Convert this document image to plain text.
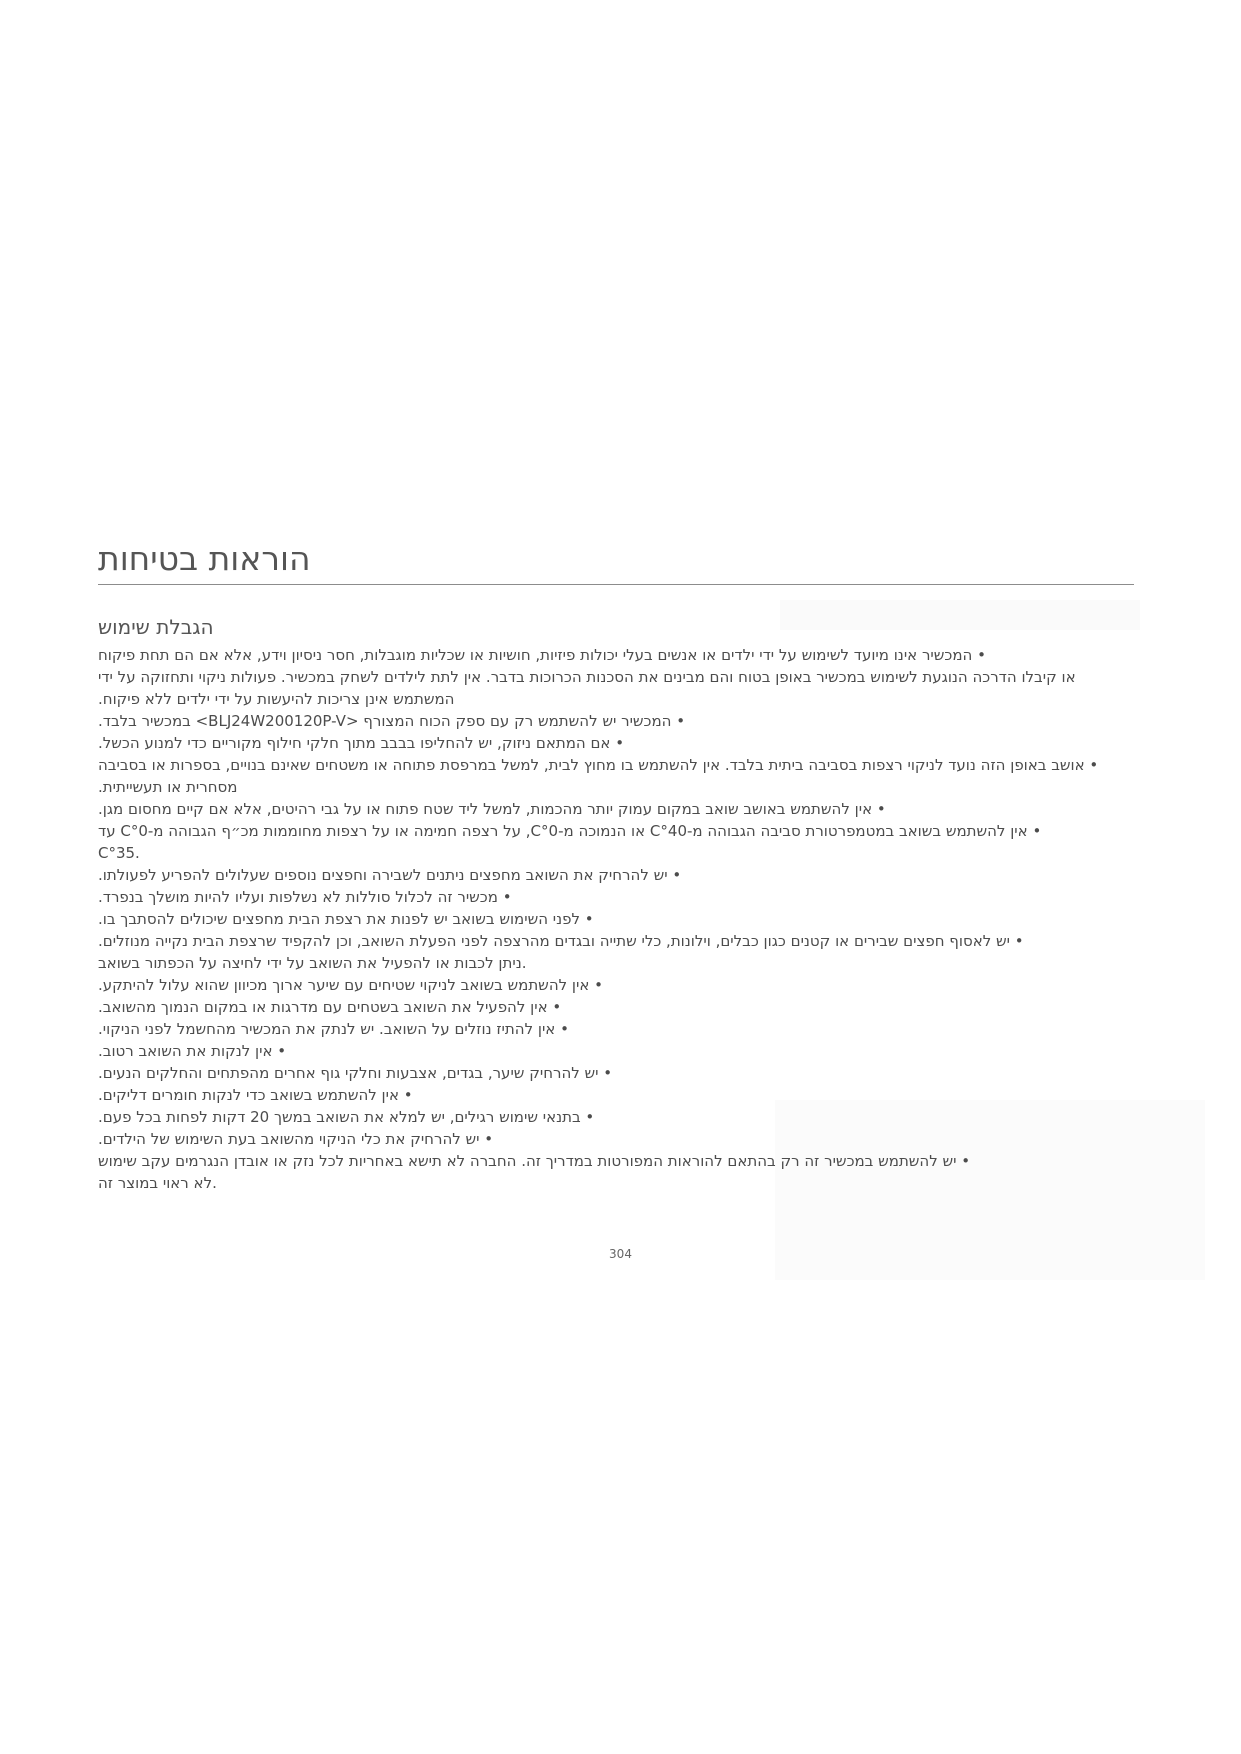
הוראות בטיחות
הגבלת שימוש
• המכשיר אינו מיועד לשימוש על ידי ילדים או אנשים בעלי יכולות פיזיות, חושיות או שכליות מוגבלות, חסר ניסיון וידע, אלא אם הם תחת פיקוח
או קיבלו הדרכה הנוגעת לשימוש במכשיר באופן בטוח והם מבינים את הסכנות הכרוכות בדבר. אין לתת לילדים לשחק במכשיר. פעולות ניקוי ותחזוקה על ידי
המשתמש אינן צריכות להיעשות על ידי ילדים ללא פיקוח.
• המכשיר יש להשתמש רק עם ספק הכוח המצורף <BLJ24W200120P-V> במכשיר בלבד.
• אם המתאם ניזוק, יש להחליפו בבבב מתוך חלקי חילוף מקוריים כדי למנוע הכשל.
• אושב באופן הזה נועד לניקוי רצפות בסביבה ביתית בלבד. אין להשתמש בו מחוץ לבית, למשל במרפסת פתוחה או משטחים שאינם בנויים, בספרות או בסביבה
מסחרית או תעשייתית.
• אין להשתמש באושב שואב במקום עמוק יותר מהכמות, למשל ליד שטח פתוח או על גבי רהיטים, אלא אם קיים מחסום מגן.
• אין להשתמש בשואב במטמפרטורת סביבה הגבוהה מ-C°40 או הנמוכה מ-C°0, על רצפה חמימה או על רצפות מחוממות מכ״ף הגבוהה מ-C°0 עד
C°35.
• יש להרחיק את השואב מחפצים ניתנים לשבירה וחפצים נוספים שעלולים להפריע לפעולתו.
• מכשיר זה לכלול סוללות לא נשלפות ועליו להיות מושלך בנפרד.
• לפני השימוש בשואב יש לפנות את רצפת הבית מחפצים שיכולים להסתבך בו.
• יש לאסוף חפצים שבירים או קטנים כגון כבלים, וילונות, כלי שתייה ובגדים מהרצפה לפני הפעלת השואב, וכן להקפיד שרצפת הבית נקייה מנוזלים.
.ניתן לכבות או להפעיל את השואב על ידי לחיצה על הכפתור בשואב
• אין להשתמש בשואב לניקוי שטיחים עם שיער ארוך מכיוון שהוא עלול להיתקע.
• אין להפעיל את השואב בשטחים עם מדרגות או במקום הנמוך מהשואב.
• אין להתיז נוזלים על השואב. יש לנתק את המכשיר מהחשמל לפני הניקוי.
• אין לנקות את השואב רטוב.
• יש להרחיק שיער, בגדים, אצבעות וחלקי גוף אחרים מהפתחים והחלקים הנעים.
• אין להשתמש בשואב כדי לנקות חומרים דליקים.
• בתנאי שימוש רגילים, יש למלא את השואב במשך 20 דקות לפחות בכל פעם.
• יש להרחיק את כלי הניקוי מהשואב בעת השימוש של הילדים.
• יש להשתמש במכשיר זה רק בהתאם להוראות המפורטות במדריך זה. החברה לא תישא באחריות לכל נזק או אובדן הנגרמים עקב שימוש
.לא ראוי במוצר זה
304
